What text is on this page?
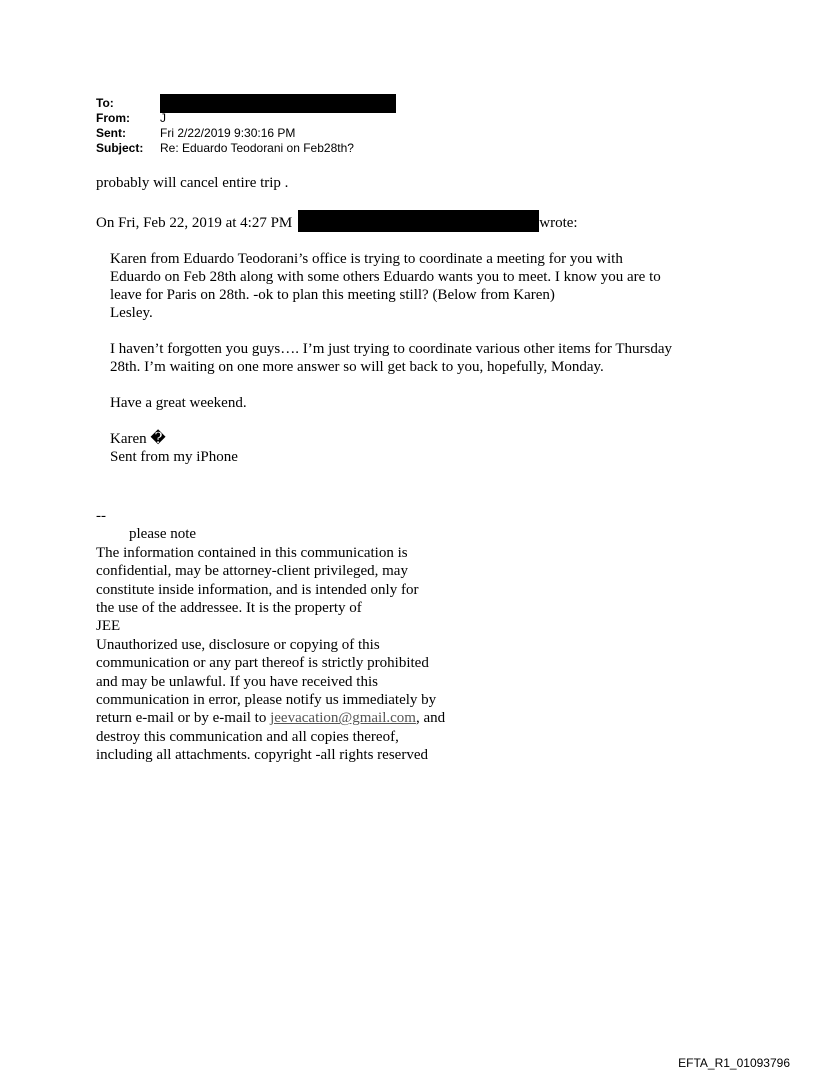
To:
From:	J
Sent:	Fri 2/22/2019 9:30:16 PM
Subject:	Re: Eduardo Teodorani on Feb28th?

probably will cancel entire trip .

On Fri, Feb 22, 2019 at 4:27 PM	wrote:

Karen from Eduardo Teodorani’s office is trying to coordinate a meeting for you with

Eduardo on Feb 28th along with some others Eduardo wants you to meet. I know you are to

leave for Paris on 28th. -ok to plan this meeting still? (Below from Karen)

Lesley.

I haven’t forgotten you guys…. I’m just trying to coordinate various other items for Thursday

28th. I’m waiting on one more answer so will get back to you, hopefully, Monday.

Have a great weekend.

Karen �

Sent from my iPhone

--
please note
The information contained in this communication is
confidential, may be attorney-client privileged, may
constitute inside information, and is intended only for
the use of the addressee. It is the property of
JEE
Unauthorized use, disclosure or copying of this
communication or any part thereof is strictly prohibited
and may be unlawful. If you have received this
communication in error, please notify us immediately by
return e-mail or by e-mail to jeevacation@gmail.com, and
destroy this communication and all copies thereof,
including all attachments. copyright -all rights reserved
EFTA_R1_01093796
